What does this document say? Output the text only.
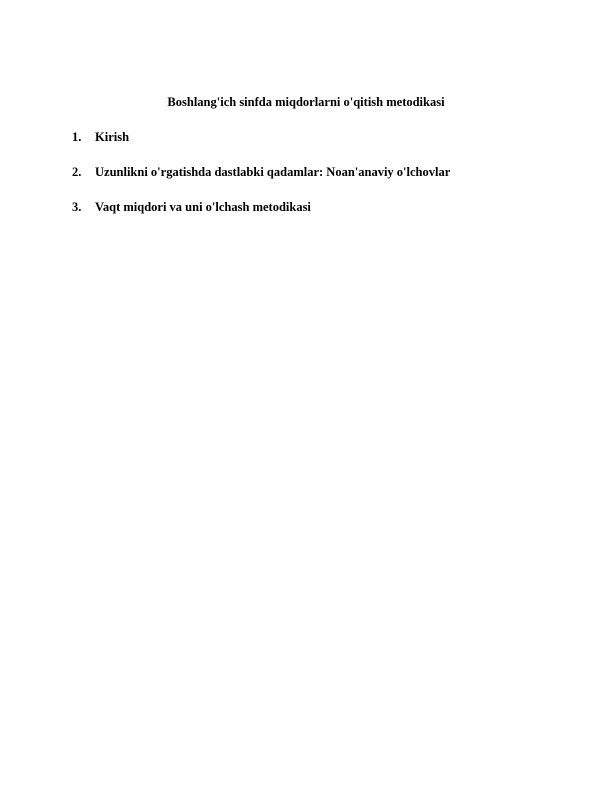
Boshlang'ich sinfda miqdorlarni o'qitish metodikasi
1.	Kirish
2.	Uzunlikni o'rgatishda dastlabki qadamlar: Noan'anaviy o'lchovlar
3.	Vaqt miqdori va uni o'lchash metodikasi
